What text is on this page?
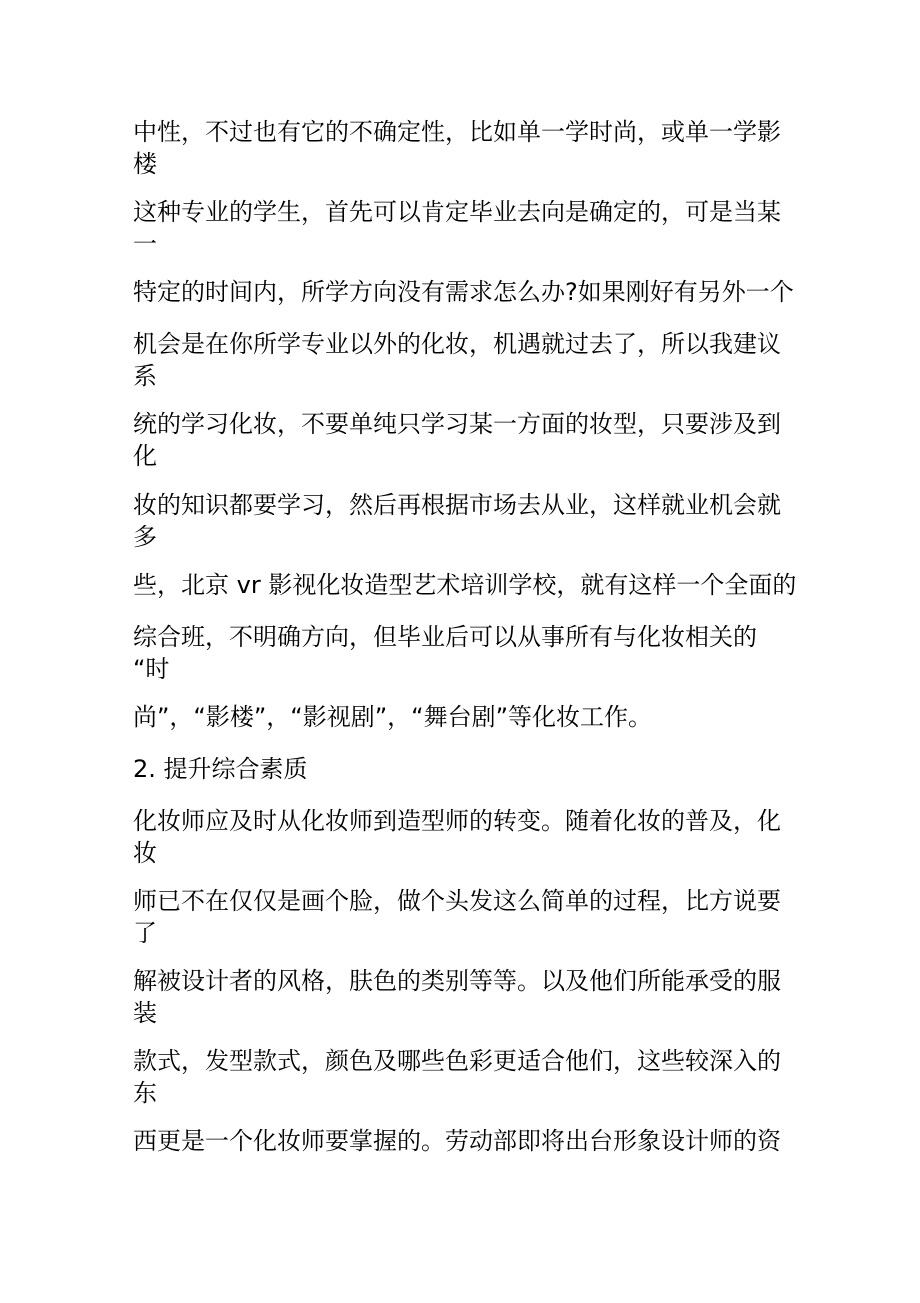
中性，不过也有它的不确定性，比如单一学时尚，或单一学影
楼

这种专业的学生，首先可以肯定毕业去向是确定的，可是当某
一

特定的时间内，所学方向没有需求怎么办?如果刚好有另外一个

机会是在你所学专业以外的化妆，机遇就过去了，所以我建议
系

统的学习化妆，不要单纯只学习某一方面的妆型，只要涉及到
化

妆的知识都要学习，然后再根据市场去从业，这样就业机会就
多

些，北京 vr 影视化妆造型艺术培训学校，就有这样一个全面的

综合班，不明确方向，但毕业后可以从事所有与化妆相关的
“时

尚”，“影楼”，“影视剧”，“舞台剧”等化妆工作。

2. 提升综合素质

化妆师应及时从化妆师到造型师的转变。随着化妆的普及，化
妆

师已不在仅仅是画个脸，做个头发这么简单的过程，比方说要
了

解被设计者的风格，肤色的类别等等。以及他们所能承受的服
装

款式，发型款式，颜色及哪些色彩更适合他们，这些较深入的
东

西更是一个化妆师要掌握的。劳动部即将出台形象设计师的资
